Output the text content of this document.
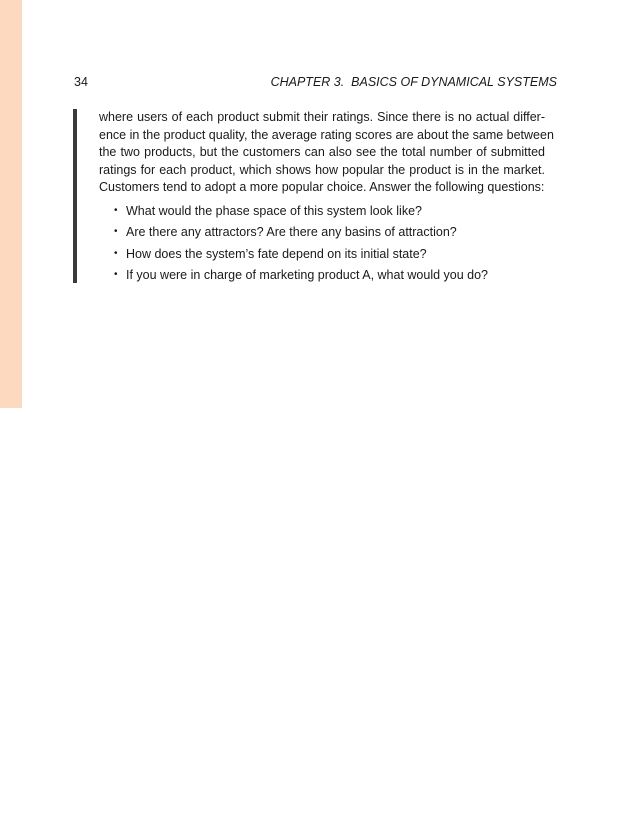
34	CHAPTER 3.  BASICS OF DYNAMICAL SYSTEMS

where users of each product submit their ratings. Since there is no actual differ-
ence in the product quality, the average rating scores are about the same between
the two products, but the customers can also see the total number of submitted
ratings for each product, which shows how popular the product is in the market.
Customers tend to adopt a more popular choice. Answer the following questions:

• What would the phase space of this system look like?
• Are there any attractors? Are there any basins of attraction?
• How does the system’s fate depend on its initial state?
• If you were in charge of marketing product A, what would you do?
